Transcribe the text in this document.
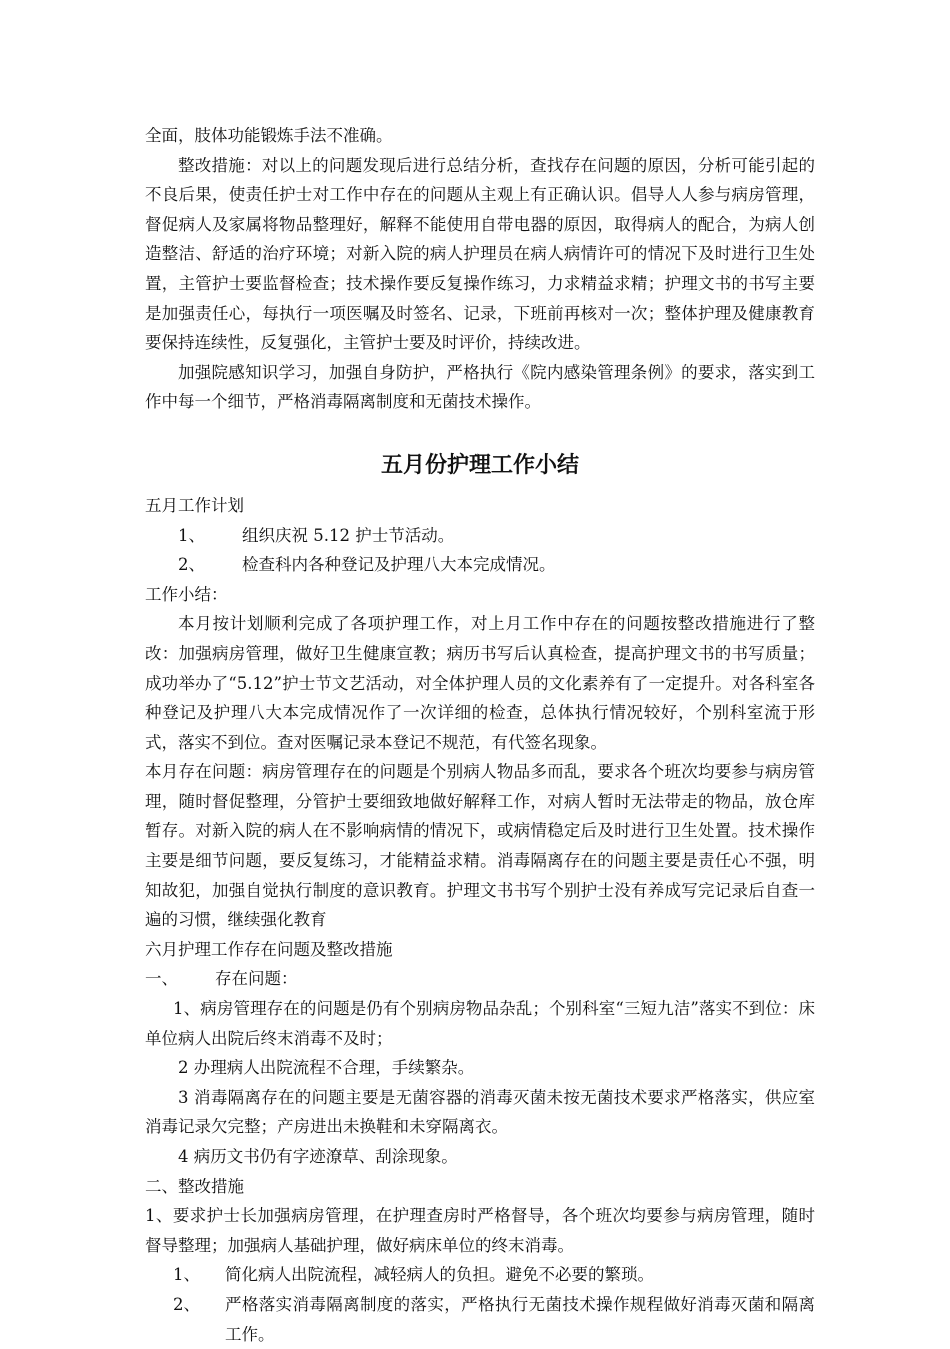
全面，肢体功能锻炼手法不准确。

整改措施：对以上的问题发现后进行总结分析，查找存在问题的原因，分析可能引起的不良后果，使责任护士对工作中存在的问题从主观上有正确认识。倡导人人参与病房管理，督促病人及家属将物品整理好，解释不能使用自带电器的原因，取得病人的配合，为病人创造整洁、舒适的治疗环境；对新入院的病人护理员在病人病情许可的情况下及时进行卫生处置，主管护士要监督检查；技术操作要反复操作练习，力求精益求精；护理文书的书写主要是加强责任心，每执行一项医嘱及时签名、记录，下班前再核对一次；整体护理及健康教育要保持连续性，反复强化，主管护士要及时评价，持续改进。

加强院感知识学习，加强自身防护，严格执行《院内感染管理条例》的要求，落实到工作中每一个细节，严格消毒隔离制度和无菌技术操作。

五月份护理工作小结

五月工作计划

1、	组织庆祝 5.12 护士节活动。
2、	检查科内各种登记及护理八大本完成情况。

工作小结：

本月按计划顺利完成了各项护理工作，对上月工作中存在的问题按整改措施进行了整改：加强病房管理，做好卫生健康宣教；病历书写后认真检查，提高护理文书的书写质量；成功举办了“5.12”护士节文艺活动，对全体护理人员的文化素养有了一定提升。对各科室各种登记及护理八大本完成情况作了一次详细的检查，总体执行情况较好，个别科室流于形式，落实不到位。查对医嘱记录本登记不规范，有代签名现象。

本月存在问题：病房管理存在的问题是个别病人物品多而乱，要求各个班次均要参与病房管理，随时督促整理，分管护士要细致地做好解释工作，对病人暂时无法带走的物品，放仓库暂存。对新入院的病人在不影响病情的情况下，或病情稳定后及时进行卫生处置。技术操作主要是细节问题，要反复练习，才能精益求精。消毒隔离存在的问题主要是责任心不强，明知故犯，加强自觉执行制度的意识教育。护理文书书写个别护士没有养成写完记录后自查一遍的习惯，继续强化教育

六月护理工作存在问题及整改措施

一、	存在问题：

1、病房管理存在的问题是仍有个别病房物品杂乱；个别科室“三短九洁”落实不到位：床单位病人出院后终末消毒不及时；

2 办理病人出院流程不合理，手续繁杂。

3 消毒隔离存在的问题主要是无菌容器的消毒灭菌未按无菌技术要求严格落实，供应室消毒记录欠完整；产房进出未换鞋和未穿隔离衣。

4 病历文书仍有字迹潦草、刮涂现象。

二、整改措施

1、要求护士长加强病房管理，在护理查房时严格督导，各个班次均要参与病房管理，随时督导整理；加强病人基础护理，做好病床单位的终末消毒。

1、	简化病人出院流程，减轻病人的负担。避免不必要的繁琐。
2、	严格落实消毒隔离制度的落实，严格执行无菌技术操作规程做好消毒灭菌和隔离工作。
